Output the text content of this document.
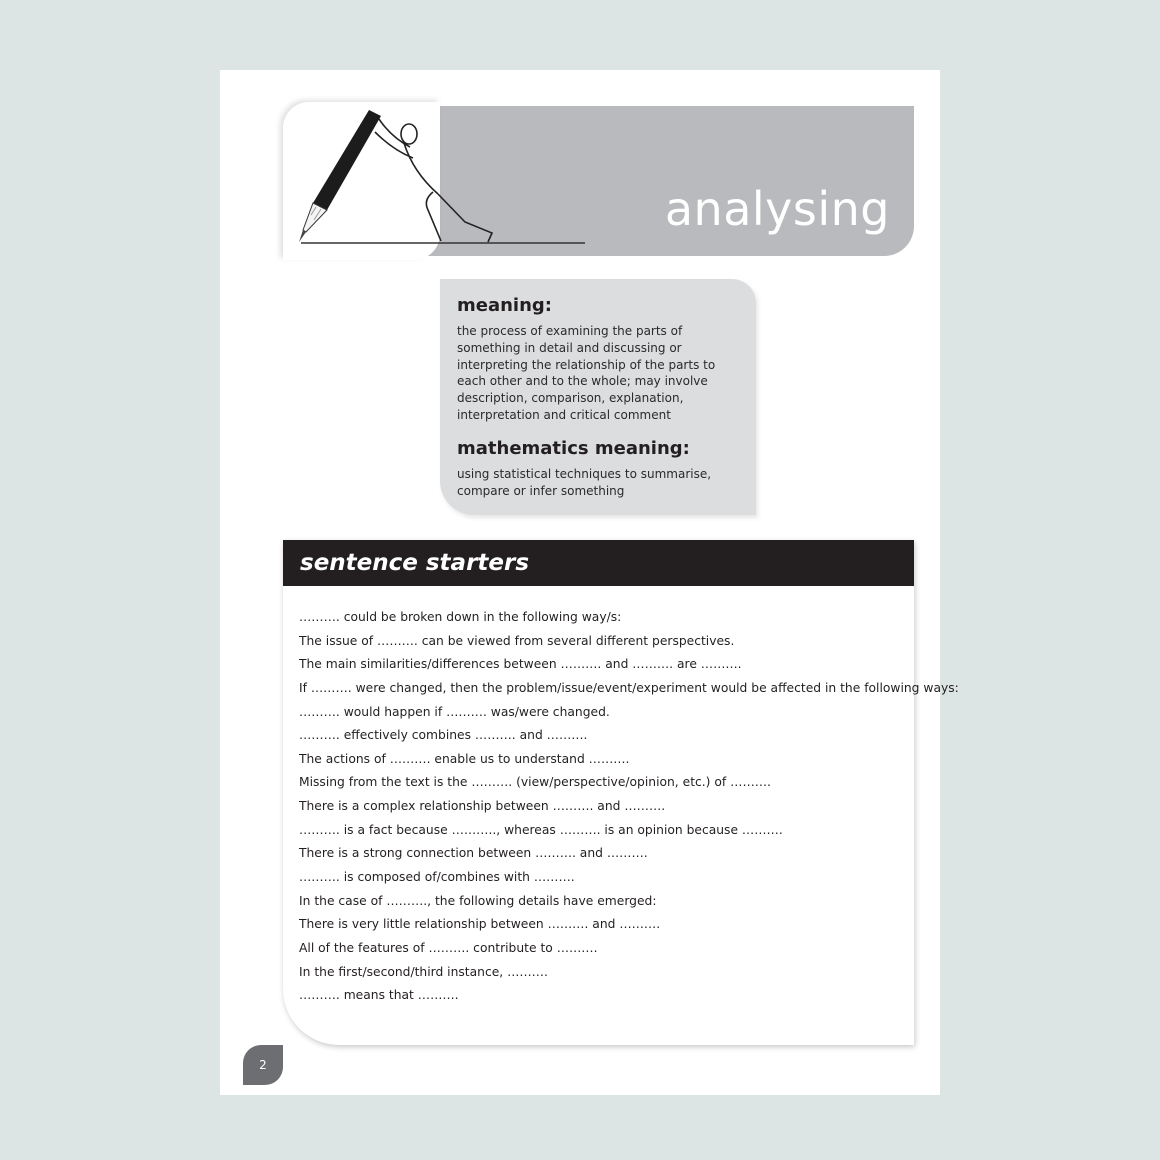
analysing
meaning:
the process of examining the parts of something in detail and discussing or interpreting the relationship of the parts to each other and to the whole; may involve description, comparison, explanation, interpretation and critical comment
mathematics meaning:
using statistical techniques to summarise, compare or infer something
sentence starters
………. could be broken down in the following way/s:
The issue of ………. can be viewed from several different perspectives.
The main similarities/differences between ………. and ………. are ……….
If ………. were changed, then the problem/issue/event/experiment would be affected in the following ways:
………. would happen if ………. was/were changed.
………. effectively combines ………. and ……….
The actions of ………. enable us to understand ……….
Missing from the text is the ………. (view/perspective/opinion, etc.) of ……….
There is a complex relationship between ………. and ……….
………. is a fact because ……….., whereas ………. is an opinion because ……….
There is a strong connection between ………. and ……….
………. is composed of/combines with ……….
In the case of ………., the following details have emerged:
There is very little relationship between ………. and ……….
All of the features of ………. contribute to ……….
In the first/second/third instance, ……….
………. means that ……….
2
